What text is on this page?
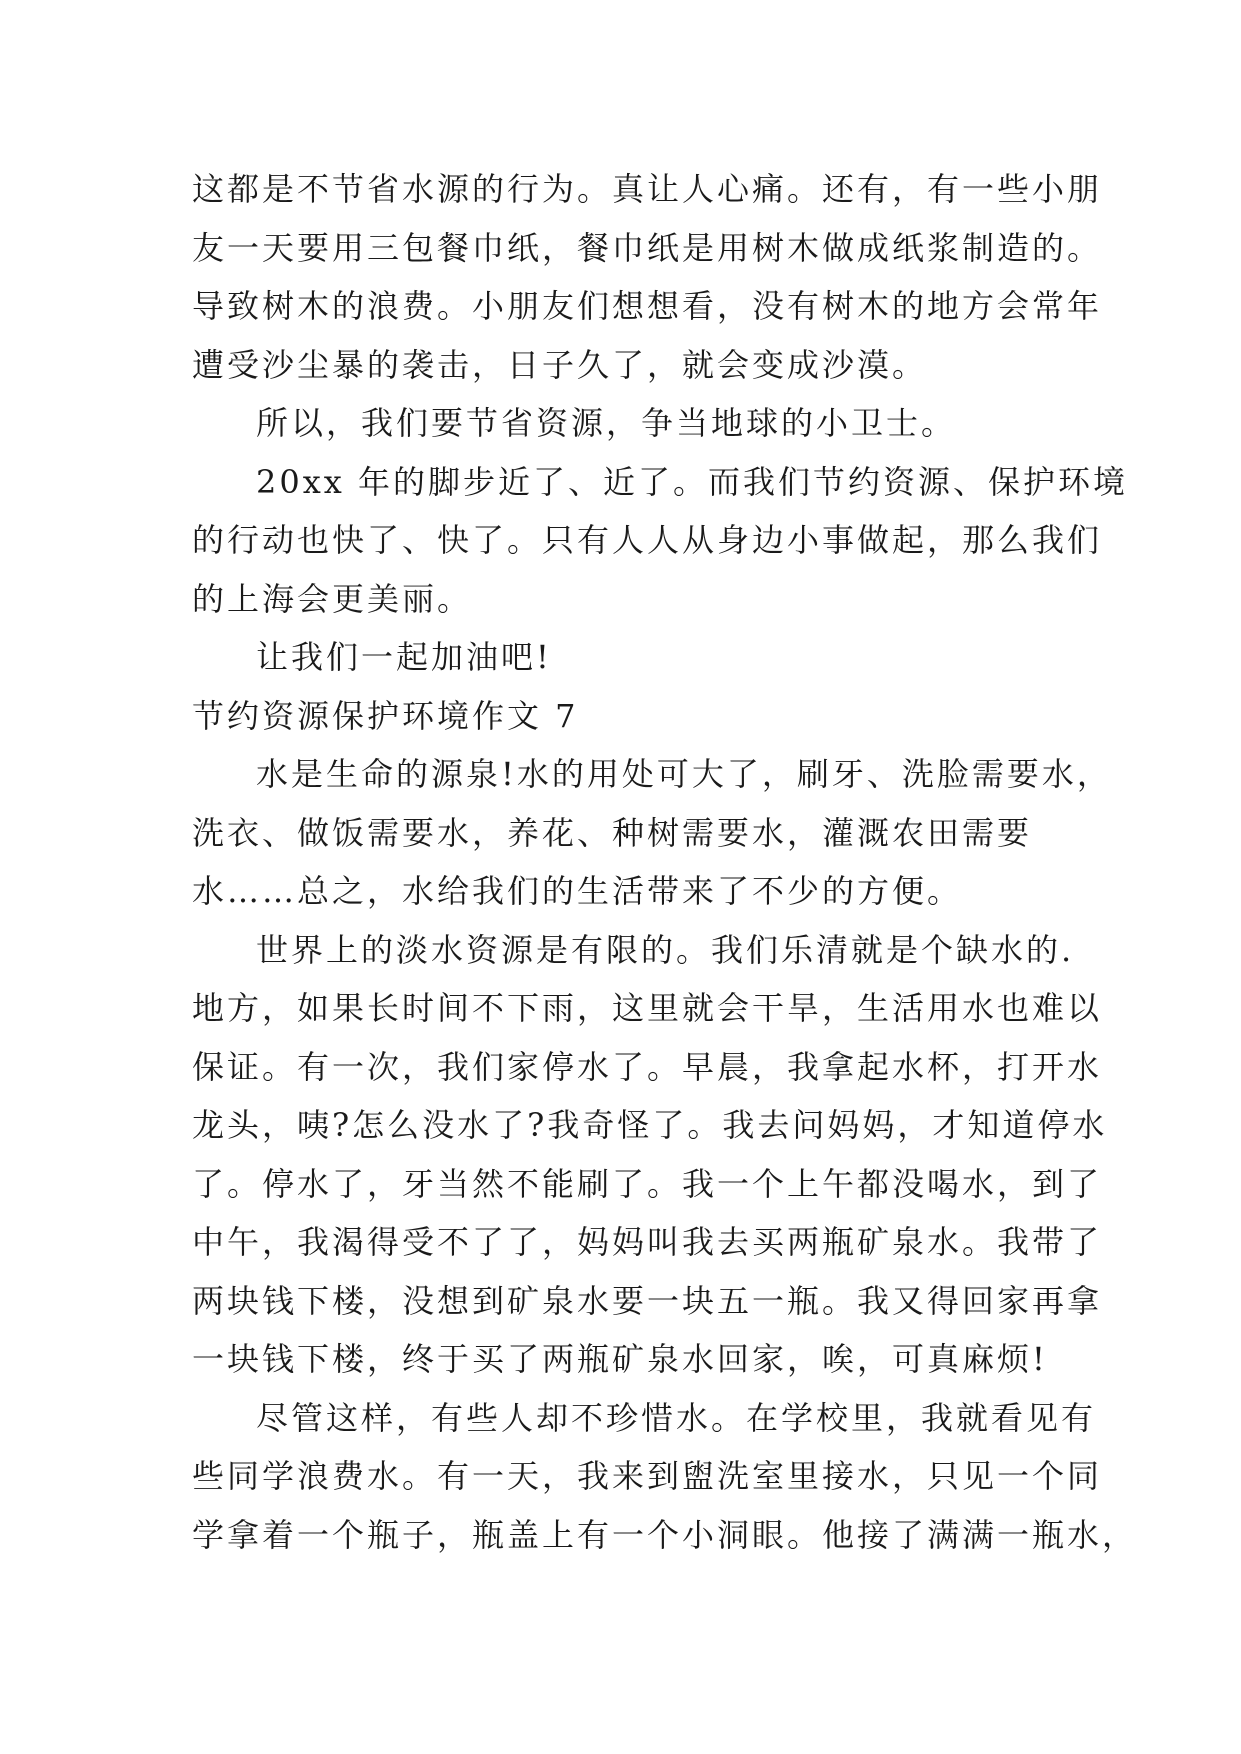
这都是不节省水源的行为。真让人心痛。还有，有一些小朋
友一天要用三包餐巾纸，餐巾纸是用树木做成纸浆制造的。
导致树木的浪费。小朋友们想想看，没有树木的地方会常年
遭受沙尘暴的袭击，日子久了，就会变成沙漠。
所以，我们要节省资源，争当地球的小卫士。
20xx 年的脚步近了、近了。而我们节约资源、保护环境
的行动也快了、快了。只有人人从身边小事做起，那么我们
的上海会更美丽。
让我们一起加油吧!
节约资源保护环境作文 7
水是生命的源泉!水的用处可大了，刷牙、洗脸需要水，
洗衣、做饭需要水，养花、种树需要水，灌溉农田需要
水……总之，水给我们的生活带来了不少的方便。
世界上的淡水资源是有限的。我们乐清就是个缺水的.
地方，如果长时间不下雨，这里就会干旱，生活用水也难以
保证。有一次，我们家停水了。早晨，我拿起水杯，打开水
龙头，咦?怎么没水了?我奇怪了。我去问妈妈，才知道停水
了。停水了，牙当然不能刷了。我一个上午都没喝水，到了
中午，我渴得受不了了，妈妈叫我去买两瓶矿泉水。我带了
两块钱下楼，没想到矿泉水要一块五一瓶。我又得回家再拿
一块钱下楼，终于买了两瓶矿泉水回家，唉，可真麻烦!
尽管这样，有些人却不珍惜水。在学校里，我就看见有
些同学浪费水。有一天，我来到盥洗室里接水，只见一个同
学拿着一个瓶子，瓶盖上有一个小洞眼。他接了满满一瓶水，
